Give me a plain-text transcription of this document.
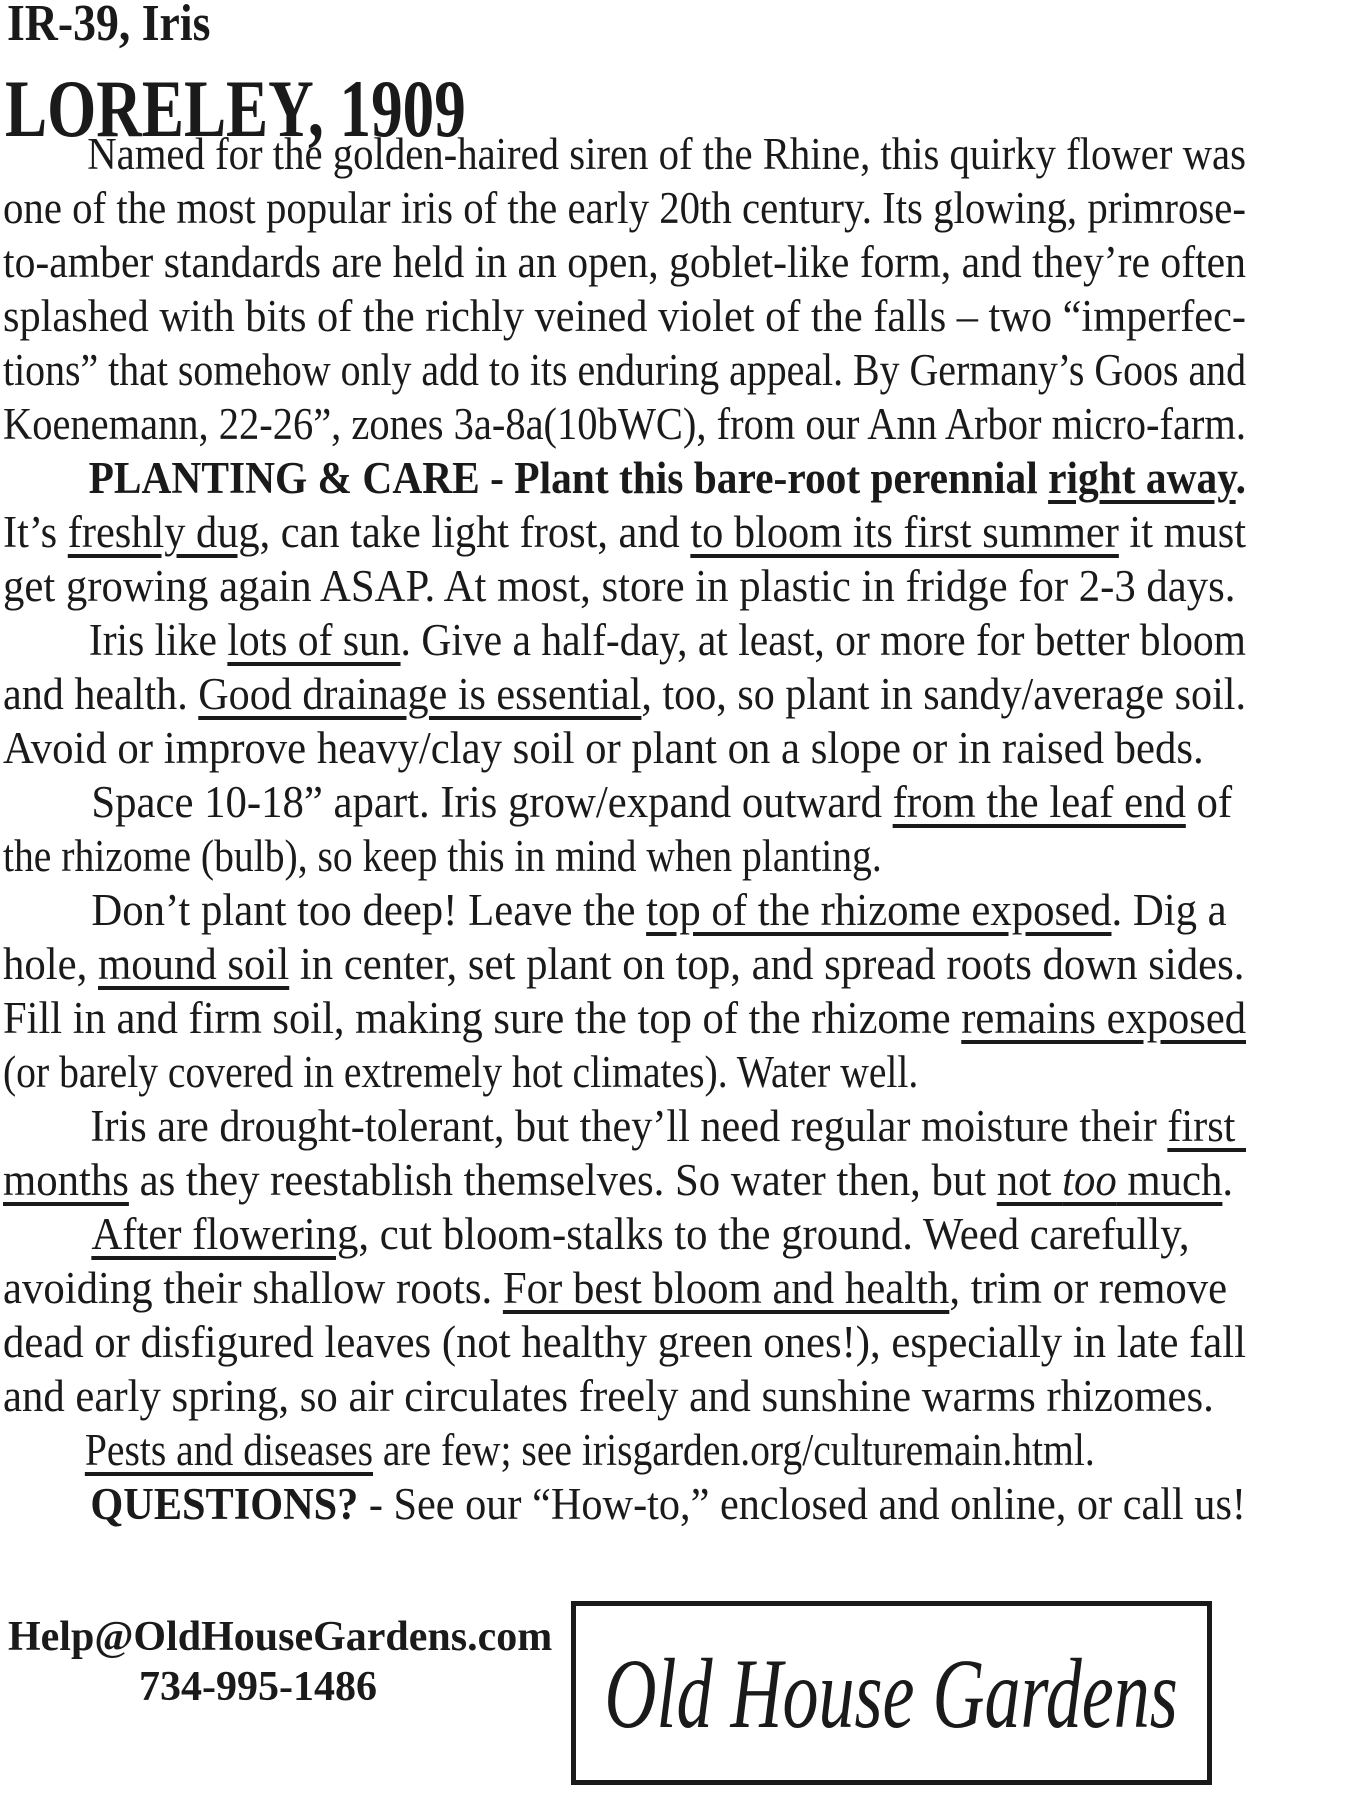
IR-39, Iris
LORELEY, 1909
Named for the golden-haired siren of the Rhine, this quirky flower was
one of the most popular iris of the early 20th century. Its glowing, primrose-
to-amber standards are held in an open, goblet-like form, and they’re often
splashed with bits of the richly veined violet of the falls – two “imperfec-
tions” that somehow only add to its enduring appeal. By Germany’s Goos and
Koenemann, 22-26”, zones 3a-8a(10bWC), from our Ann Arbor micro-farm.
PLANTING & CARE - Plant this bare-root perennial right away.
It’s freshly dug, can take light frost, and to bloom its first summer it must
get growing again ASAP. At most, store in plastic in fridge for 2-3 days.
Iris like lots of sun. Give a half-day, at least, or more for better bloom
and health. Good drainage is essential, too, so plant in sandy/average soil.
Avoid or improve heavy/clay soil or plant on a slope or in raised beds.
Space 10-18” apart. Iris grow/expand outward from the leaf end of
the rhizome (bulb), so keep this in mind when planting.
Don’t plant too deep! Leave the top of the rhizome exposed. Dig a
hole, mound soil in center, set plant on top, and spread roots down sides.
Fill in and firm soil, making sure the top of the rhizome remains exposed
(or barely covered in extremely hot climates). Water well.
Iris are drought-tolerant, but they’ll need regular moisture their first
months as they reestablish themselves. So water then, but not too much.
After flowering, cut bloom-stalks to the ground. Weed carefully,
avoiding their shallow roots. For best bloom and health, trim or remove
dead or disfigured leaves (not healthy green ones!), especially in late fall
and early spring, so air circulates freely and sunshine warms rhizomes.
Pests and diseases are few; see irisgarden.org/culturemain.html.
QUESTIONS? - See our “How-to,” enclosed and online, or call us!
Help@OldHouseGardens.com
734-995-1486	Old House Gardens
